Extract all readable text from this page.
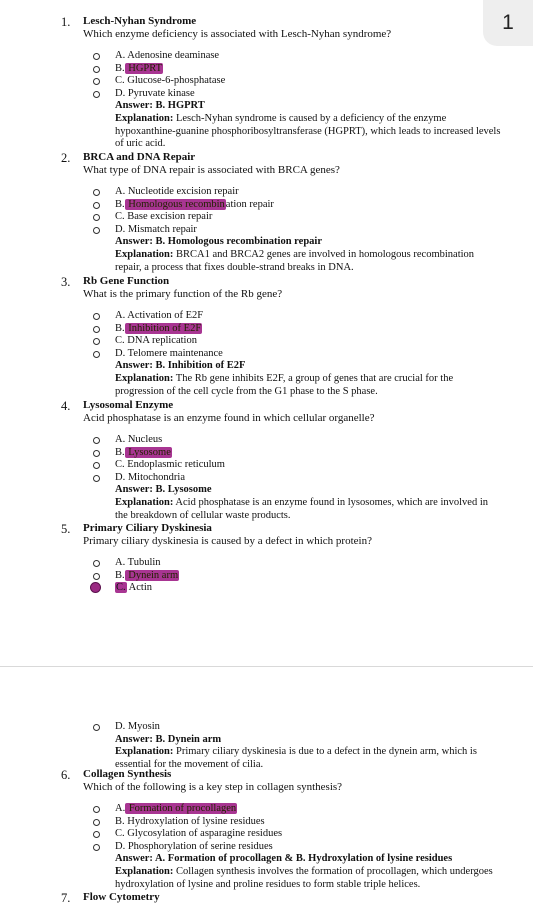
1. Lesch-Nyhan Syndrome
Which enzyme deficiency is associated with Lesch-Nyhan syndrome?
A. Adenosine deaminase
B. HGPRT
C. Glucose-6-phosphatase
D. Pyruvate kinase
Answer: B. HGPRT
Explanation: Lesch-Nyhan syndrome is caused by a deficiency of the enzyme hypoxanthine-guanine phosphoribosyltransferase (HGPRT), which leads to increased levels of uric acid.
2. BRCA and DNA Repair
What type of DNA repair is associated with BRCA genes?
A. Nucleotide excision repair
B. Homologous recombination repair
C. Base excision repair
D. Mismatch repair
Answer: B. Homologous recombination repair
Explanation: BRCA1 and BRCA2 genes are involved in homologous recombination repair, a process that fixes double-strand breaks in DNA.
3. Rb Gene Function
What is the primary function of the Rb gene?
A. Activation of E2F
B. Inhibition of E2F
C. DNA replication
D. Telomere maintenance
Answer: B. Inhibition of E2F
Explanation: The Rb gene inhibits E2F, a group of genes that are crucial for the progression of the cell cycle from the G1 phase to the S phase.
4. Lysosomal Enzyme
Acid phosphatase is an enzyme found in which cellular organelle?
A. Nucleus
B. Lysosome
C. Endoplasmic reticulum
D. Mitochondria
Answer: B. Lysosome
Explanation: Acid phosphatase is an enzyme found in lysosomes, which are involved in the breakdown of cellular waste products.
5. Primary Ciliary Dyskinesia
Primary ciliary dyskinesia is caused by a defect in which protein?
A. Tubulin
B. Dynein arm
C. Actin
1
D. Myosin
Answer: B. Dynein arm
Explanation: Primary ciliary dyskinesia is due to a defect in the dynein arm, which is essential for the movement of cilia.
6. Collagen Synthesis
Which of the following is a key step in collagen synthesis?
A. Formation of procollagen
B. Hydroxylation of lysine residues
C. Glycosylation of asparagine residues
D. Phosphorylation of serine residues
Answer: A. Formation of procollagen & B. Hydroxylation of lysine residues
Explanation: Collagen synthesis involves the formation of procollagen, which undergoes hydroxylation of lysine and proline residues to form stable triple helices.
7. Flow Cytometry
